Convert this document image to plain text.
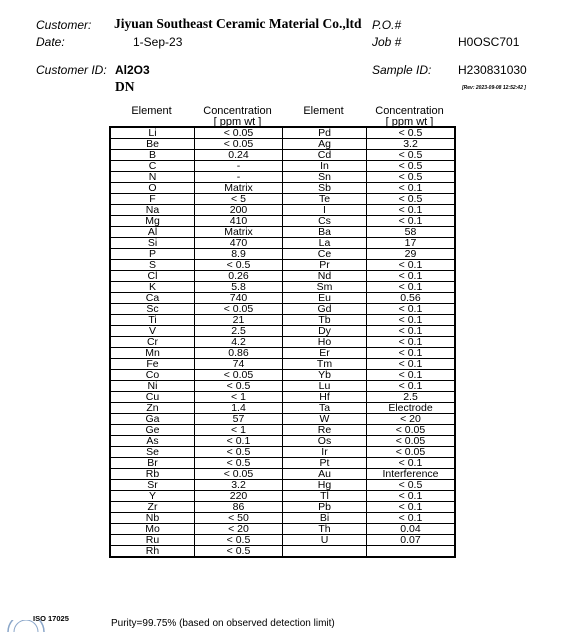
Customer: Jiyuan Southeast Ceramic Material Co.,ltd P.O.#
Date:	1-Sep-23	Job #	H0OSC701
Customer ID: Al2O3	Sample ID: H230831030
DN	[Rev: 2023-09-08 12:52:42 ]
Element	Concentration
[ ppm wt ]
Element	Concentration
[ ppm wt ]
Li	< 0.05	Pd	< 0.5
Be	< 0.05	Ag	3.2
B	0.24	Cd	< 0.5
C	-	In	< 0.5
N	-	Sn	< 0.5
O	Matrix	Sb	< 0.1
F	< 5	Te	< 0.5
Na	200	I	< 0.1
Mg	410	Cs	< 0.1
Al	Matrix	Ba	58
Si	470	La	17
P	8.9	Ce	29
S	< 0.5	Pr	< 0.1
Cl	0.26	Nd	< 0.1
K	5.8	Sm	< 0.1
Ca	740	Eu	0.56
Sc	< 0.05	Gd	< 0.1
Ti	21	Tb	< 0.1
V	2.5	Dy	< 0.1
Cr	4.2	Ho	< 0.1
Mn	0.86	Er	< 0.1
Fe	74	Tm	< 0.1
Co	< 0.05	Yb	< 0.1
Ni	< 0.5	Lu	< 0.1
Cu	< 1	Hf	2.5
Zn	1.4	Ta	Electrode
Ga	57	W	< 20
Ge	< 1	Re	< 0.05
As	< 0.1	Os	< 0.05
Se	< 0.5	Ir	< 0.05
Br	< 0.5	Pt	< 0.1
Rb	< 0.05	Au	Interference
Sr	3.2	Hg	< 0.5
Y	220	Tl	< 0.1
Zr	86	Pb	< 0.1
Nb	< 50	Bi	< 0.1
Mo	< 20	Th	0.04
Ru	< 0.5	U	0.07
Rh	< 0.5		
Purity=99.75% (based on observed detection limit)
ISO 17025
